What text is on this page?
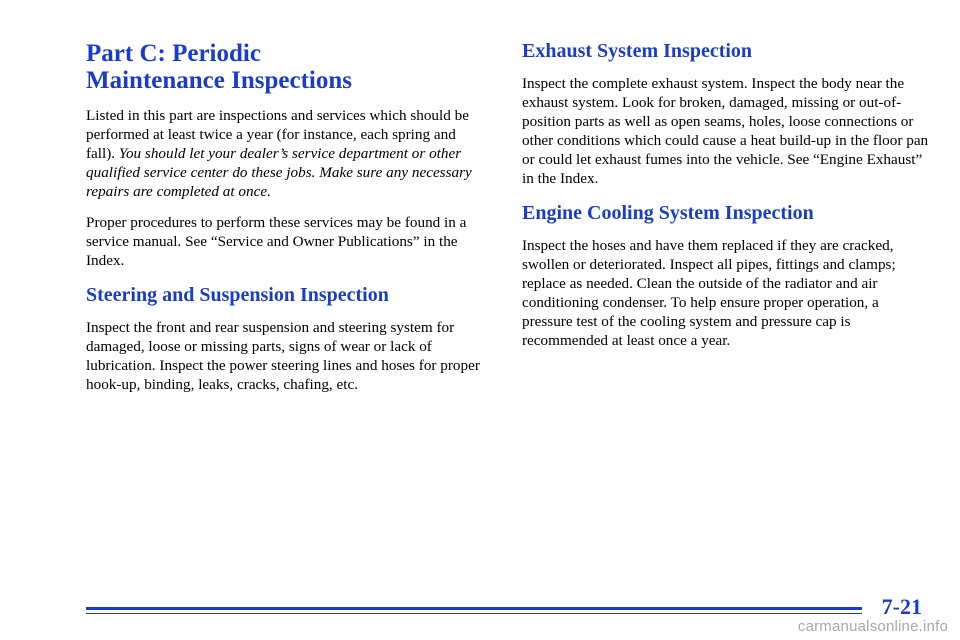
Part C: Periodic
Maintenance Inspections

Listed in this part are inspections and services which should be performed at least twice a year (for instance, each spring and fall). You should let your dealer’s service department or other qualified service center do these jobs. Make sure any necessary repairs are completed at once.

Proper procedures to perform these services may be found in a service manual. See “Service and Owner Publications” in the Index.

Steering and Suspension Inspection

Inspect the front and rear suspension and steering system for damaged, loose or missing parts, signs of wear or lack of lubrication. Inspect the power steering lines and hoses for proper hook-up, binding, leaks, cracks, chafing, etc.

Exhaust System Inspection

Inspect the complete exhaust system. Inspect the body near the exhaust system. Look for broken, damaged, missing or out-of-position parts as well as open seams, holes, loose connections or other conditions which could cause a heat build-up in the floor pan or could let exhaust fumes into the vehicle. See “Engine Exhaust” in the Index.

Engine Cooling System Inspection

Inspect the hoses and have them replaced if they are cracked, swollen or deteriorated. Inspect all pipes, fittings and clamps; replace as needed. Clean the outside of the radiator and air conditioning condenser. To help ensure proper operation, a pressure test of the cooling system and pressure cap is recommended at least once a year.

7-21
carmanualsonline.info
